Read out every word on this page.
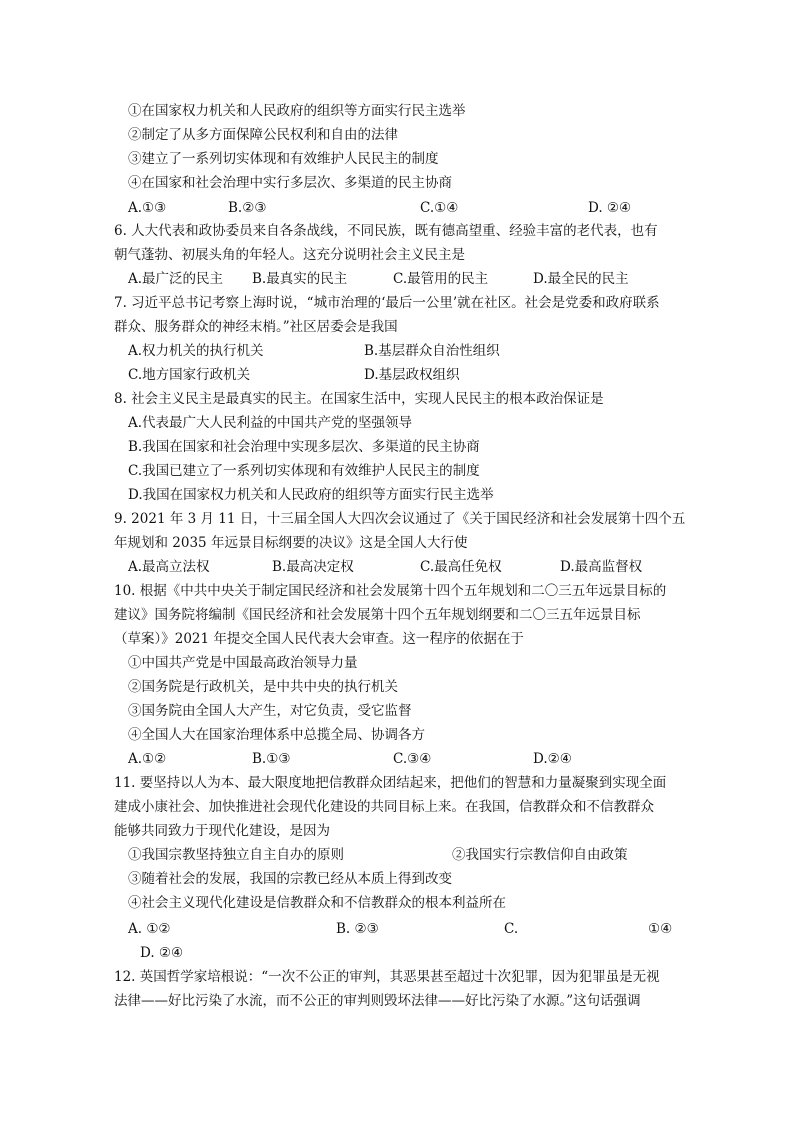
①在国家权力机关和人民政府的组织等方面实行民主选举
②制定了从多方面保障公民权利和自由的法律
③建立了一系列切实体现和有效维护人民民主的制度
④在国家和社会治理中实行多层次、多渠道的民主协商
A.①③	B.②③	C.①④	D. ②④
6. 人大代表和政协委员来自各条战线，不同民族，既有德高望重、经验丰富的老代表，也有
朝气蓬勃、初展头角的年轻人。这充分说明社会主义民主是
A.最广泛的民主 B.最真实的民主	C.最管用的民主	D.最全民的民主
7. 习近平总书记考察上海时说，“城市治理的‘最后一公里’就在社区。社会是党委和政府联系
群众、服务群众的神经末梢。”社区居委会是我国
A.权力机关的执行机关	B.基层群众自治性组织
C.地方国家行政机关	D.基层政权组织
8. 社会主义民主是最真实的民主。在国家生活中，实现人民民主的根本政治保证是
A.代表最广大人民利益的中国共产党的坚强领导
B.我国在国家和社会治理中实现多层次、多渠道的民主协商
C.我国已建立了一系列切实体现和有效维护人民民主的制度
D.我国在国家权力机关和人民政府的组织等方面实行民主选举
9. 2021 年 3 月 11 日，十三届全国人大四次会议通过了《关于国民经济和社会发展第十四个五
年规划和 2035 年远景目标纲要的决议》这是全国人大行使
A.最高立法权	B.最高决定权	C.最高任免权	D.最高监督权
10. 根据《中共中央关于制定国民经济和社会发展第十四个五年规划和二〇三五年远景目标的
建议》国务院将编制《国民经济和社会发展第十四个五年规划纲要和二〇三五年远景目标
（草案）》2021 年提交全国人民代表大会审查。这一程序的依据在于
①中国共产党是中国最高政治领导力量
②国务院是行政机关，是中共中央的执行机关
③国务院由全国人大产生，对它负责，受它监督
④全国人大在国家治理体系中总揽全局、协调各方
A.①②	B.①③	C.③④	D.②④
11. 要坚持以人为本、最大限度地把信教群众团结起来，把他们的智慧和力量凝聚到实现全面
建成小康社会、加快推进社会现代化建设的共同目标上来。在我国，信教群众和不信教群众
能够共同致力于现代化建设，是因为
①我国宗教坚持独立自主自办的原则	②我国实行宗教信仰自由政策
③随着社会的发展，我国的宗教已经从本质上得到改变
④社会主义现代化建设是信教群众和不信教群众的根本利益所在
A. ①②	B. ②③	C.	①④
D. ②④
12. 英国哲学家培根说：“一次不公正的审判，其恶果甚至超过十次犯罪，因为犯罪虽是无视
法律——好比污染了水流，而不公正的审判则毁坏法律——好比污染了水源。”这句话强调
